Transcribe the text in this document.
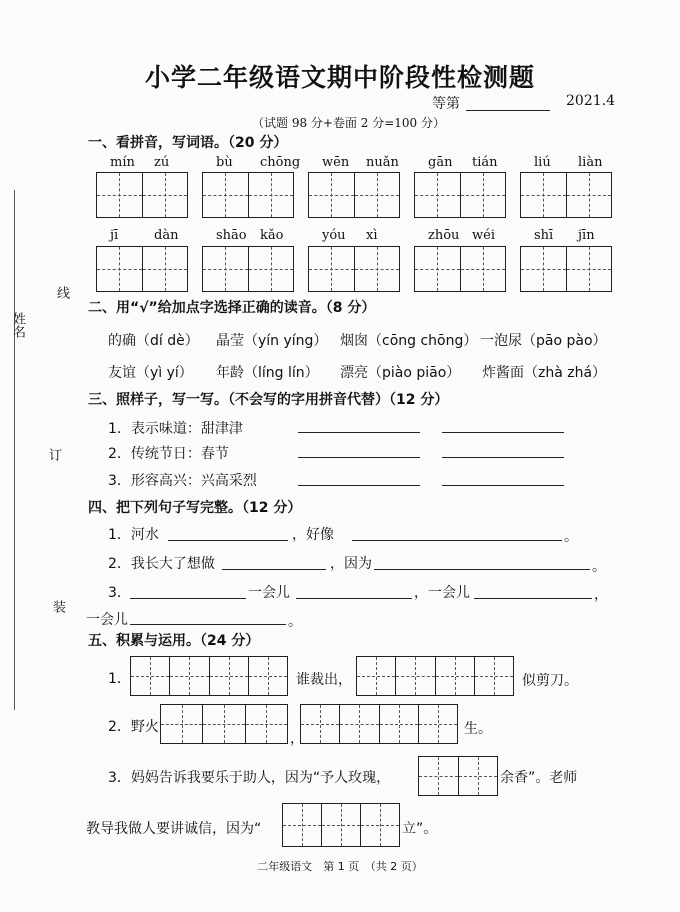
姓名
线
订
装
小学二年级语文期中阶段性检测题
等第	2021.4
（试题 98 分+卷面 2 分=100 分）
一、看拼音，写词语。（20 分）
mín zú	bù chōng wēn nuǎn gān tián	liú liàn
jī	dàn	shāo kǎo	yóu xì	zhōu wéi	shī jīn
二、用“√”给加点字选择正确的读音。（8 分）
的确（dí dè） 晶莹（yín yíng） 烟囱（cōng chōng） 一泡尿（pāo pào）
友谊（yì yí） 年龄（líng lín） 漂亮（piào piāo） 炸酱面（zhà zhá）
三、照样子，写一写。（不会写的字用拼音代替）（12 分）
1．表示味道：甜津津
2．传统节日：春节
3．形容高兴：兴高采烈
四、把下列句子写完整。（12 分）
1．河水	，好像	。
2．我长大了想做	，因为	。
3．	一会儿	，一会儿	，
一会儿	。
五、积累与运用。（24 分）
1．	谁裁出，	似剪刀。
2．野火
，
生。
3．妈妈告诉我要乐于助人，因为“予人玫瑰，	余香”。老师
教导我做人要讲诚信，因为“	立”。
二年级语文　第 1 页　（共 2 页）
